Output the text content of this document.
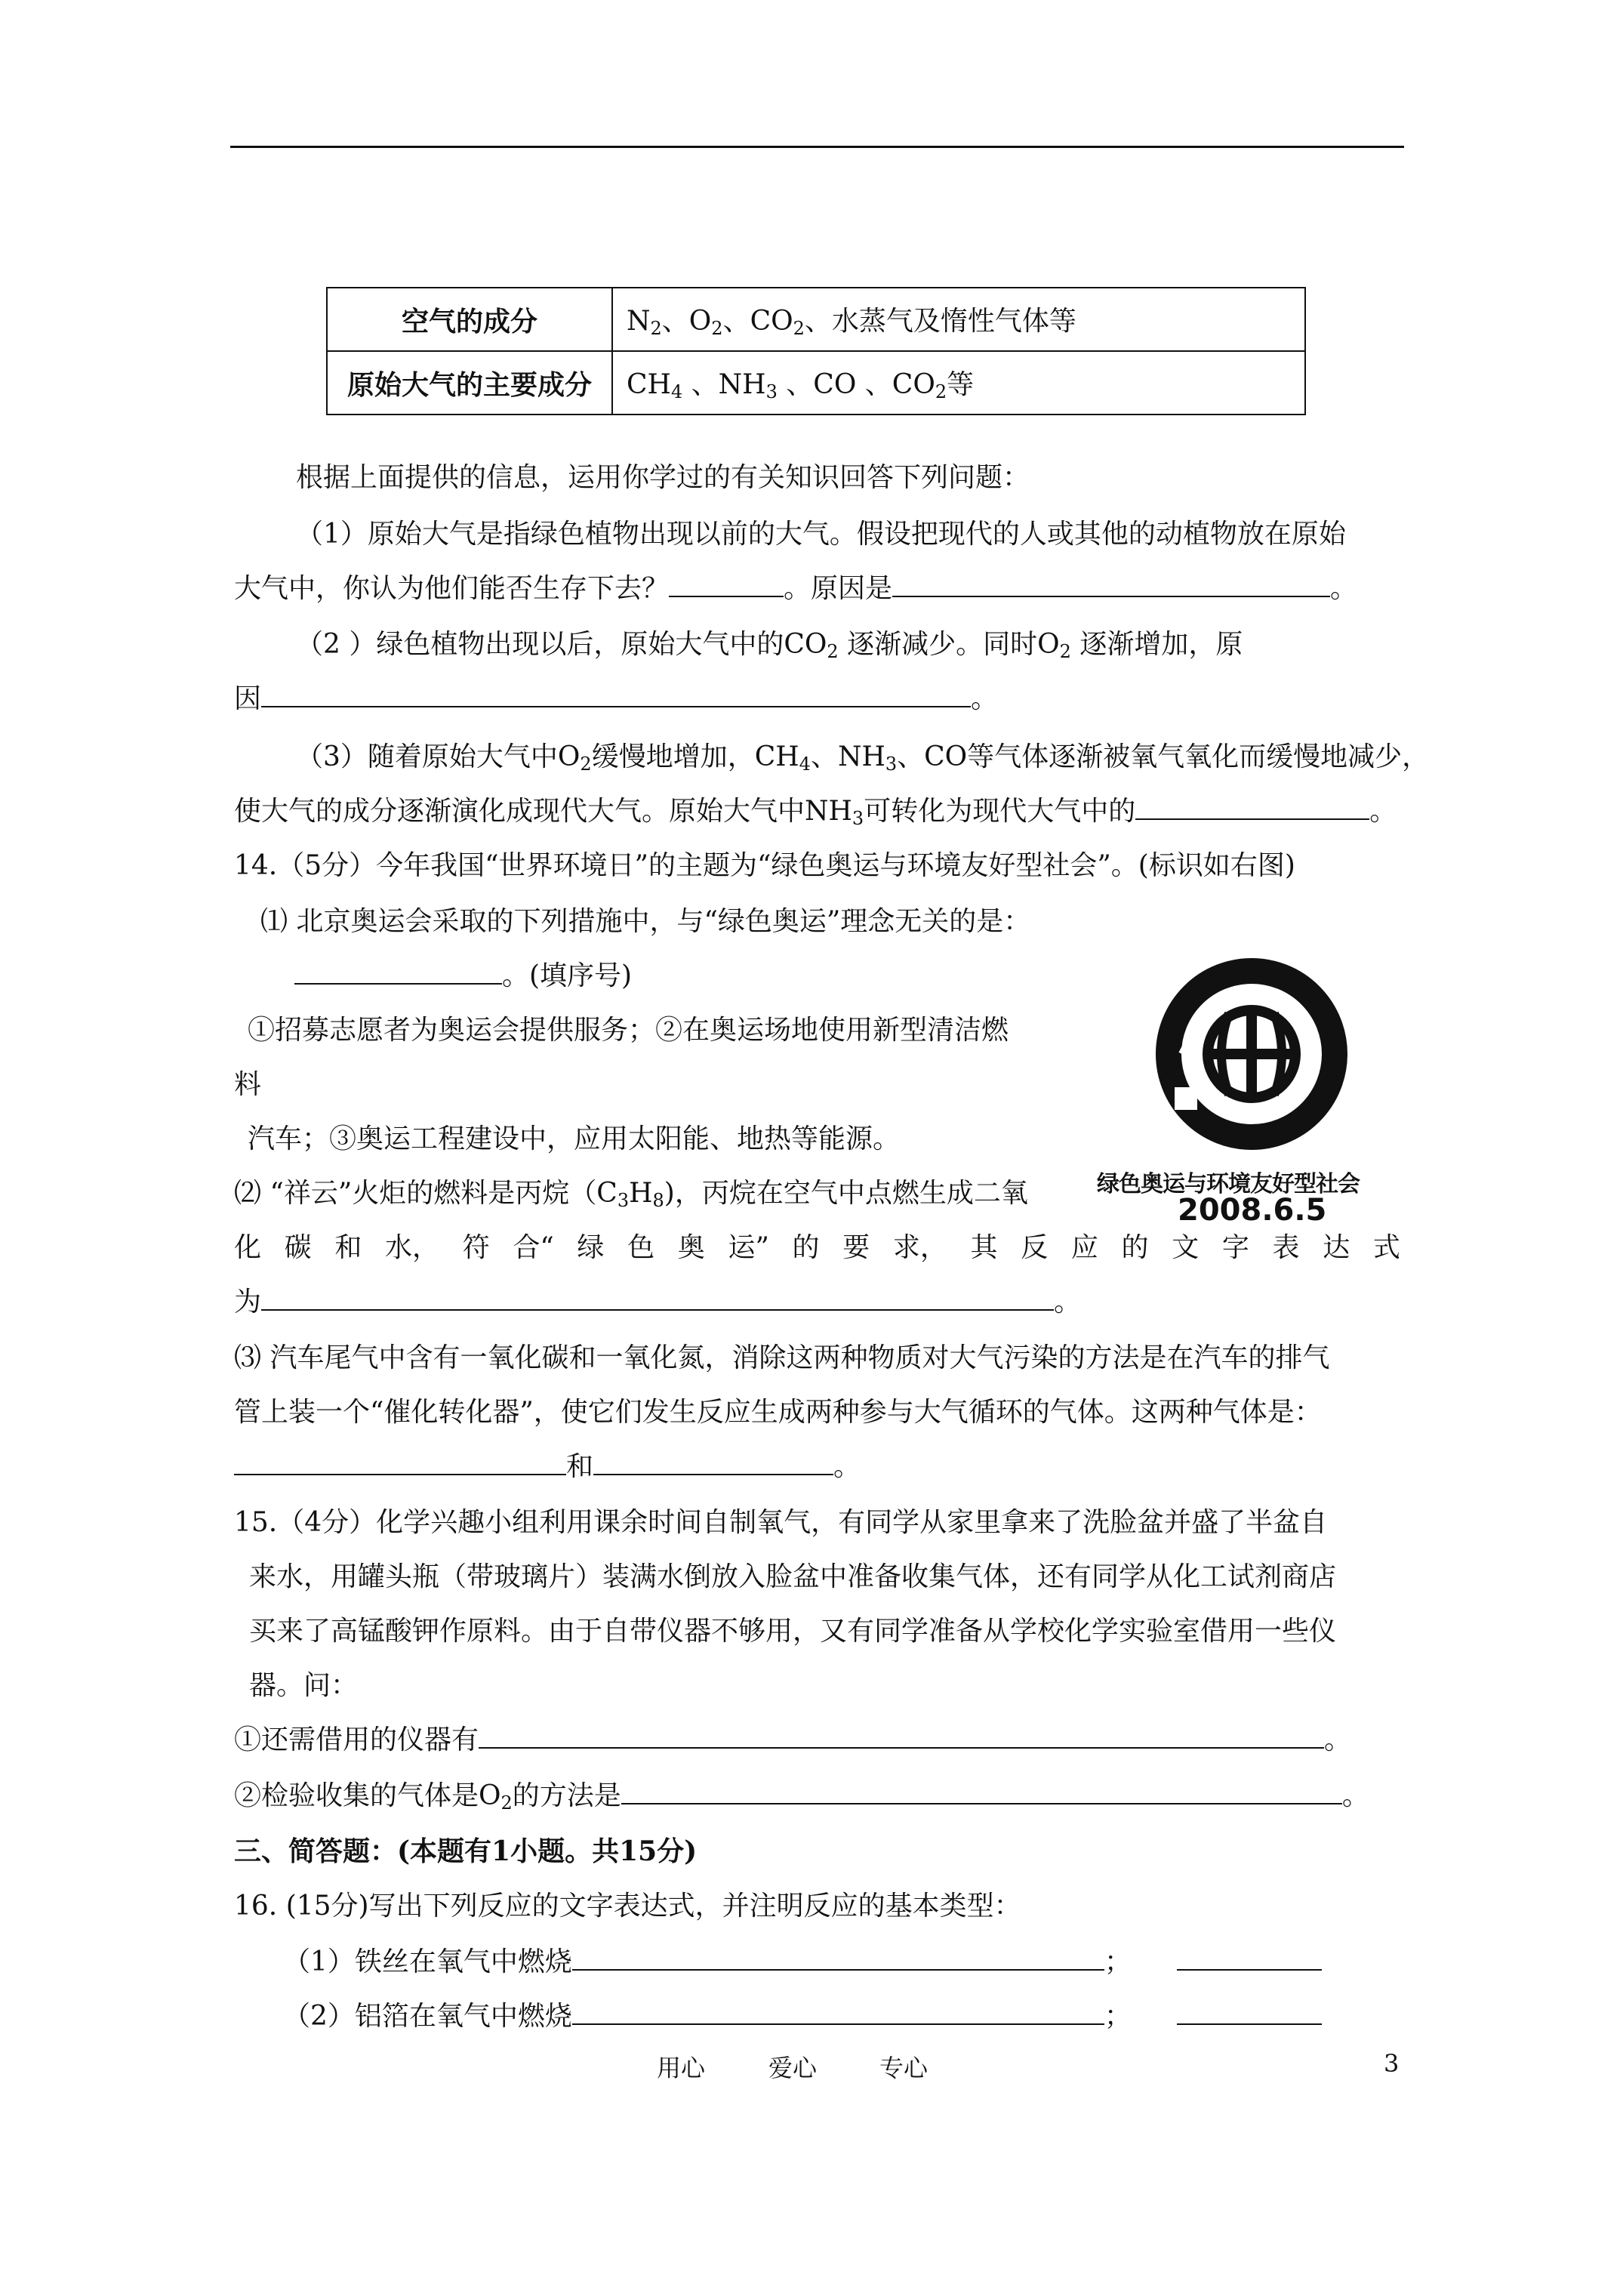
空气的成分	$N_2$、$O_2$、$CO_2$、水蒸气及惰性气体等
原始大气的主要成分	$CH_4$ 、$NH_3$ 、CO 、$CO_2$等
根据上面提供的信息，运用你学过的有关知识回答下列问题：
（1）原始大气是指绿色植物出现以前的大气。假设把现代的人或其他的动植物放在原始
大气中，你认为他们能否生存下去？	。原因是	。
（2 ）绿色植物出现以后，原始大气中的$CO_2$ 逐渐减少。同时$O_2$ 逐渐增加，原
因	。
（3）随着原始大气中$O_2$缓慢地增加，$CH_4$、$NH_3$、CO等气体逐渐被氧气氧化而缓慢地减少，
使大气的成分逐渐演化成现代大气。原始大气中$NH_3$可转化为现代大气中的	。
14.（5分）今年我国“世界环境日”的主题为“绿色奥运与环境友好型社会”。(标识如右图)
⑴ 北京奥运会采取的下列措施中，与“绿色奥运”理念无关的是：
。(填序号)
①招募志愿者为奥运会提供服务；②在奥运场地使用新型清洁燃
料
汽车；③奥运工程建设中，应用太阳能、地热等能源。
绿色奥运与环境友好型社会
2008.6.5
⑵ “祥云”火炬的燃料是丙烷$(C_3H_8)$，丙烷在空气中点燃生成二氧
化 碳 和 水， 符 合“ 绿 色 奥 运” 的 要 求， 其 反 应 的 文 字 表 达 式
为	。
⑶ 汽车尾气中含有一氧化碳和一氧化氮，消除这两种物质对大气污染的方法是在汽车的排气
管上装一个“催化转化器”，使它们发生反应生成两种参与大气循环的气体。这两种气体是：
和	。
15.（4分）化学兴趣小组利用课余时间自制氧气，有同学从家里拿来了洗脸盆并盛了半盆自
来水，用罐头瓶（带玻璃片）装满水倒放入脸盆中准备收集气体，还有同学从化工试剂商店
买来了高锰酸钾作原料。由于自带仪器不够用，又有同学准备从学校化学实验室借用一些仪
器。问：
①还需借用的仪器有	。
②检验收集的气体是$O_2$的方法是	。
三、简答题：(本题有1小题。共15分)
16. (15分)写出下列反应的文字表达式，并注明反应的基本类型：
（1）铁丝在氧气中燃烧	；
（2）铝箔在氧气中燃烧	；
用心	爱心	专心	3
